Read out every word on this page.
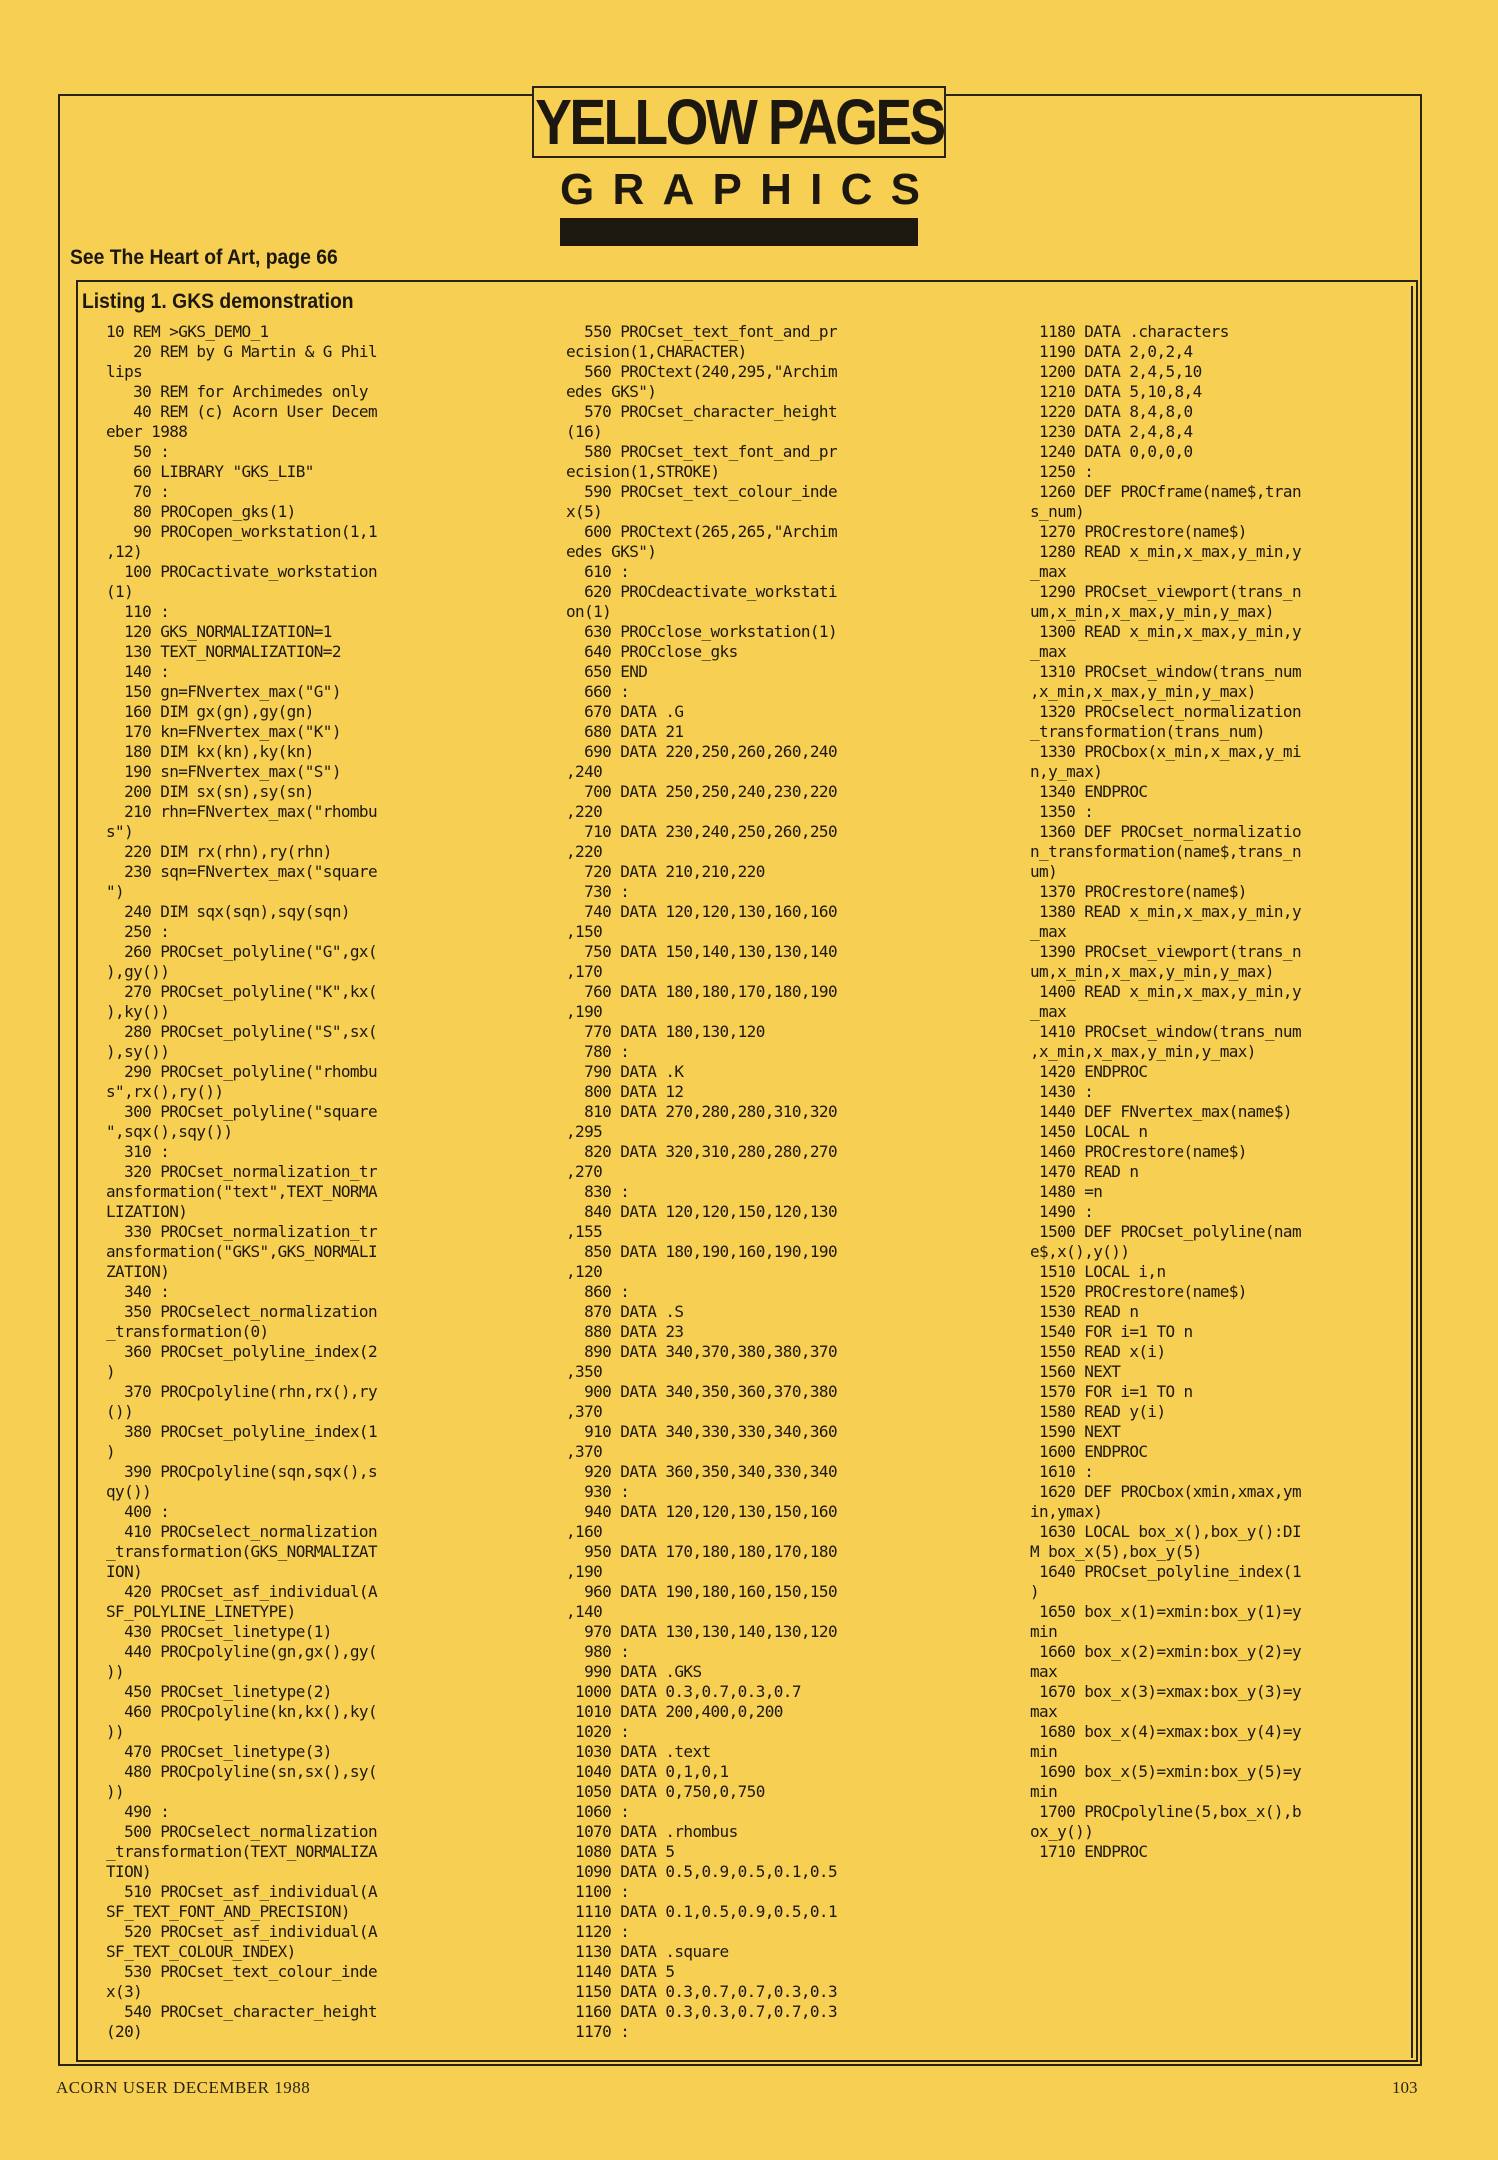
YELLOW PAGES
G R A P H I C S
See The Heart of Art, page 66
Listing 1. GKS demonstration
10 REM >GKS_DEMO_1
20 REM by G Martin & G Phil
lips
30 REM for Archimedes only
40 REM (c) Acorn User Decem
eber 1988
50 :
60 LIBRARY "GKS_LIB"
70 :
80 PROCopen_gks(1)
90 PROCopen_workstation(1,1
,12)
100 PROCactivate_workstation
(1)
110 :
120 GKS_NORMALIZATION=1
130 TEXT_NORMALIZATION=2
140 :
150 gn=FNvertex_max("G")
160 DIM gx(gn),gy(gn)
170 kn=FNvertex_max("K")
180 DIM kx(kn),ky(kn)
190 sn=FNvertex_max("S")
200 DIM sx(sn),sy(sn)
210 rhn=FNvertex_max("rhombu
s")
220 DIM rx(rhn),ry(rhn)
230 sqn=FNvertex_max("square
")
240 DIM sqx(sqn),sqy(sqn)
250 :
260 PROCset_polyline("G",gx(
),gy())
270 PROCset_polyline("K",kx(
),ky())
280 PROCset_polyline("S",sx(
),sy())
290 PROCset_polyline("rhombu
s",rx(),ry())
300 PROCset_polyline("square
",sqx(),sqy())
310 :
320 PROCset_normalization_tr
ansformation("text",TEXT_NORMA
LIZATION)
330 PROCset_normalization_tr
ansformation("GKS",GKS_NORMALI
ZATION)
340 :
350 PROCselect_normalization
_transformation(0)
360 PROCset_polyline_index(2
)
370 PROCpolyline(rhn,rx(),ry
())
380 PROCset_polyline_index(1
)
390 PROCpolyline(sqn,sqx(),s
qy())
400 :
410 PROCselect_normalization
_transformation(GKS_NORMALIZAT
ION)
420 PROCset_asf_individual(A
SF_POLYLINE_LINETYPE)
430 PROCset_linetype(1)
440 PROCpolyline(gn,gx(),gy(
))
450 PROCset_linetype(2)
460 PROCpolyline(kn,kx(),ky(
))
470 PROCset_linetype(3)
480 PROCpolyline(sn,sx(),sy(
))
490 :
500 PROCselect_normalization
_transformation(TEXT_NORMALIZA
TION)
510 PROCset_asf_individual(A
SF_TEXT_FONT_AND_PRECISION)
520 PROCset_asf_individual(A
SF_TEXT_COLOUR_INDEX)
530 PROCset_text_colour_inde
x(3)
540 PROCset_character_height
(20)
550 PROCset_text_font_and_pr
ecision(1,CHARACTER)
560 PROCtext(240,295,"Archim
edes GKS")
570 PROCset_character_height
(16)
580 PROCset_text_font_and_pr
ecision(1,STROKE)
590 PROCset_text_colour_inde
x(5)
600 PROCtext(265,265,"Archim
edes GKS")
610 :
620 PROCdeactivate_workstati
on(1)
630 PROCclose_workstation(1)
640 PROCclose_gks
650 END
660 :
670 DATA .G
680 DATA 21
690 DATA 220,250,260,260,240
,240
700 DATA 250,250,240,230,220
,220
710 DATA 230,240,250,260,250
,220
720 DATA 210,210,220
730 :
740 DATA 120,120,130,160,160
,150
750 DATA 150,140,130,130,140
,170
760 DATA 180,180,170,180,190
,190
770 DATA 180,130,120
780 :
790 DATA .K
800 DATA 12
810 DATA 270,280,280,310,320
,295
820 DATA 320,310,280,280,270
,270
830 :
840 DATA 120,120,150,120,130
,155
850 DATA 180,190,160,190,190
,120
860 :
870 DATA .S
880 DATA 23
890 DATA 340,370,380,380,370
,350
900 DATA 340,350,360,370,380
,370
910 DATA 340,330,330,340,360
,370
920 DATA 360,350,340,330,340
930 :
940 DATA 120,120,130,150,160
,160
950 DATA 170,180,180,170,180
,190
960 DATA 190,180,160,150,150
,140
970 DATA 130,130,140,130,120
980 :
990 DATA .GKS
1000 DATA 0.3,0.7,0.3,0.7
1010 DATA 200,400,0,200
1020 :
1030 DATA .text
1040 DATA 0,1,0,1
1050 DATA 0,750,0,750
1060 :
1070 DATA .rhombus
1080 DATA 5
1090 DATA 0.5,0.9,0.5,0.1,0.5
1100 :
1110 DATA 0.1,0.5,0.9,0.5,0.1
1120 :
1130 DATA .square
1140 DATA 5
1150 DATA 0.3,0.7,0.7,0.3,0.3
1160 DATA 0.3,0.3,0.7,0.7,0.3
1170 :
1180 DATA .characters
1190 DATA 2,0,2,4
1200 DATA 2,4,5,10
1210 DATA 5,10,8,4
1220 DATA 8,4,8,0
1230 DATA 2,4,8,4
1240 DATA 0,0,0,0
1250 :
1260 DEF PROCframe(name$,tran
s_num)
1270 PROCrestore(name$)
1280 READ x_min,x_max,y_min,y
_max
1290 PROCset_viewport(trans_n
um,x_min,x_max,y_min,y_max)
1300 READ x_min,x_max,y_min,y
_max
1310 PROCset_window(trans_num
,x_min,x_max,y_min,y_max)
1320 PROCselect_normalization
_transformation(trans_num)
1330 PROCbox(x_min,x_max,y_mi
n,y_max)
1340 ENDPROC
1350 :
1360 DEF PROCset_normalizatio
n_transformation(name$,trans_n
um)
1370 PROCrestore(name$)
1380 READ x_min,x_max,y_min,y
_max
1390 PROCset_viewport(trans_n
um,x_min,x_max,y_min,y_max)
1400 READ x_min,x_max,y_min,y
_max
1410 PROCset_window(trans_num
,x_min,x_max,y_min,y_max)
1420 ENDPROC
1430 :
1440 DEF FNvertex_max(name$)
1450 LOCAL n
1460 PROCrestore(name$)
1470 READ n
1480 =n
1490 :
1500 DEF PROCset_polyline(nam
e$,x(),y())
1510 LOCAL i,n
1520 PROCrestore(name$)
1530 READ n
1540 FOR i=1 TO n
1550 READ x(i)
1560 NEXT
1570 FOR i=1 TO n
1580 READ y(i)
1590 NEXT
1600 ENDPROC
1610 :
1620 DEF PROCbox(xmin,xmax,ym
in,ymax)
1630 LOCAL box_x(),box_y():DI
M box_x(5),box_y(5)
1640 PROCset_polyline_index(1
)
1650 box_x(1)=xmin:box_y(1)=y
min
1660 box_x(2)=xmin:box_y(2)=y
max
1670 box_x(3)=xmax:box_y(3)=y
max
1680 box_x(4)=xmax:box_y(4)=y
min
1690 box_x(5)=xmin:box_y(5)=y
min
1700 PROCpolyline(5,box_x(),b
ox_y())
1710 ENDPROC
ACORN USER DECEMBER 1988	103
